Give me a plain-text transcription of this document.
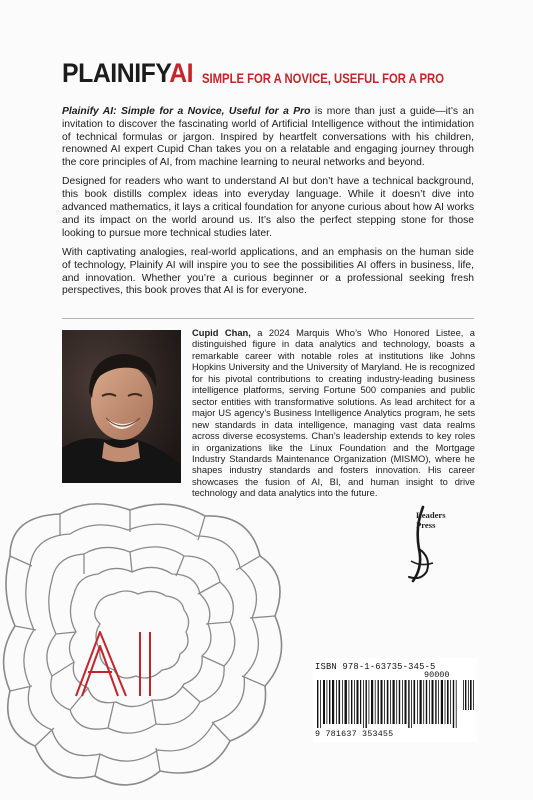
PLAINIFYAI SIMPLE FOR A NOVICE, USEFUL FOR A PRO

Plainify AI: Simple for a Novice, Useful for a Pro is more than just a guide—it’s an invitation to discover the fascinating world of Artificial Intelligence without the intimidation of technical formulas or jargon. Inspired by heartfelt conversations with his children, renowned AI expert Cupid Chan takes you on a relatable and engaging journey through the core principles of AI, from machine learning to neural networks and beyond.

Designed for readers who want to understand AI but don’t have a technical background, this book distills complex ideas into everyday language. While it doesn’t dive into advanced mathematics, it lays a critical foundation for anyone curious about how AI works and its impact on the world around us. It’s also the perfect stepping stone for those looking to pursue more technical studies later.

With captivating analogies, real-world applications, and an emphasis on the human side of technology, Plainify AI will inspire you to see the possibilities AI offers in business, life, and innovation. Whether you’re a curious beginner or a professional seeking fresh perspectives, this book proves that AI is for everyone.

Cupid Chan, a 2024 Marquis Who’s Who Honored Listee, a distinguished figure in data analytics and technology, boasts a remarkable career with notable roles at institutions like Johns Hopkins University and the University of Maryland. He is recognized for his pivotal contributions to creating industry-leading business intelligence platforms, serving Fortune 500 companies and public sector entities with transformative solutions. As lead architect for a major US agency’s Business Intelligence Analytics program, he sets new standards in data intelligence, managing vast data realms across diverse ecosystems. Chan’s leadership extends to key roles in organizations like the Linux Foundation and the Mortgage Industry Standards Maintenance Organization (MISMO), where he shapes industry standards and fosters innovation. His career showcases the fusion of AI, BI, and human insight to drive technology and data analytics into the future.
Leaders
Press
AI
ISBN 978-1-63735-345-5
90000
9 781637 353455
